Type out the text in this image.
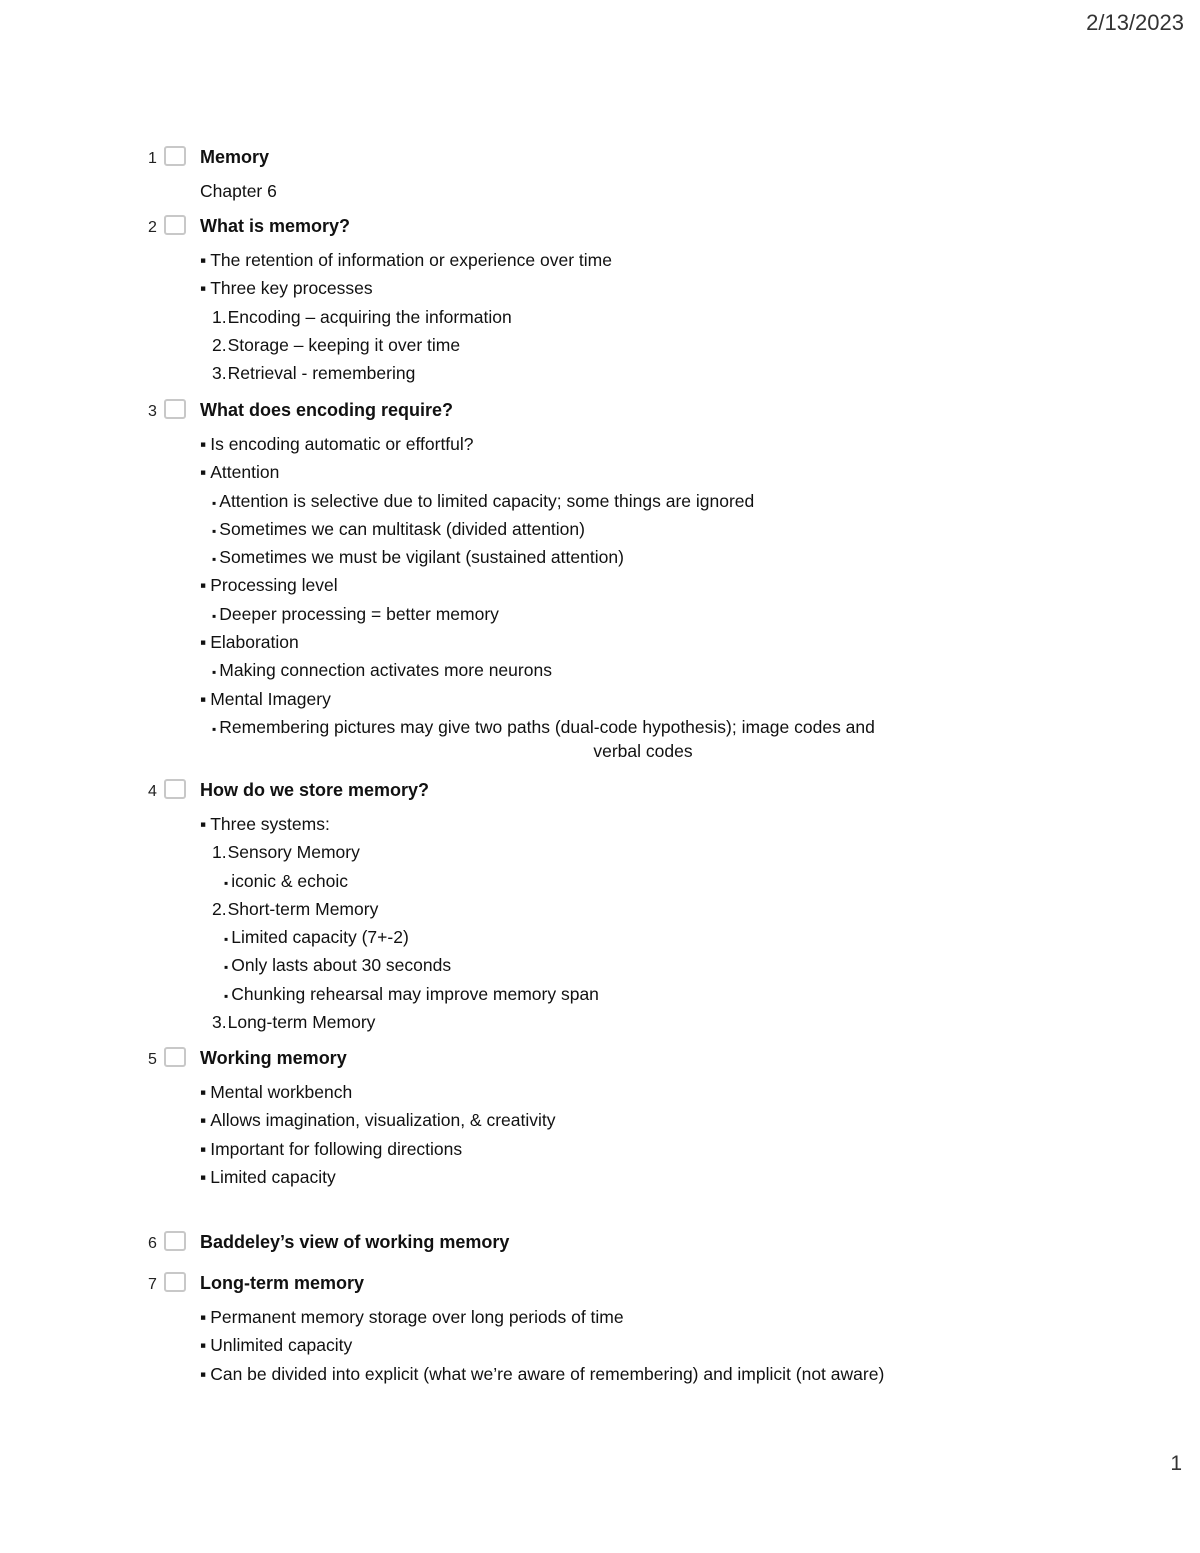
2/13/2023
1 Memory
Chapter 6
2 What is memory?
▪ The retention of information or experience over time
▪ Three key processes
1.Encoding – acquiring the information
2.Storage – keeping it over time
3.Retrieval - remembering
3 What does encoding require?
▪ Is encoding automatic or effortful?
▪ Attention
▪ Attention is selective due to limited capacity; some things are ignored
▪ Sometimes we can multitask (divided attention)
▪ Sometimes we must be vigilant (sustained attention)
▪ Processing level
▪ Deeper processing = better memory
▪ Elaboration
▪ Making connection activates more neurons
▪ Mental Imagery
▪ Remembering pictures may give two paths (dual-code hypothesis); image codes and
verbal codes
4 How do we store memory?
▪ Three systems:
1.Sensory Memory
▪ iconic & echoic
2.Short-term Memory
▪ Limited capacity (7+-2)
▪ Only lasts about 30 seconds
▪ Chunking rehearsal may improve memory span
3.Long-term Memory
5 Working memory
▪ Mental workbench
▪ Allows imagination, visualization, & creativity
▪ Important for following directions
▪ Limited capacity
6 Baddeley’s view of working memory
7 Long-term memory
▪ Permanent memory storage over long periods of time
▪ Unlimited capacity
▪ Can be divided into explicit (what we’re aware of remembering) and implicit (not aware)
1
